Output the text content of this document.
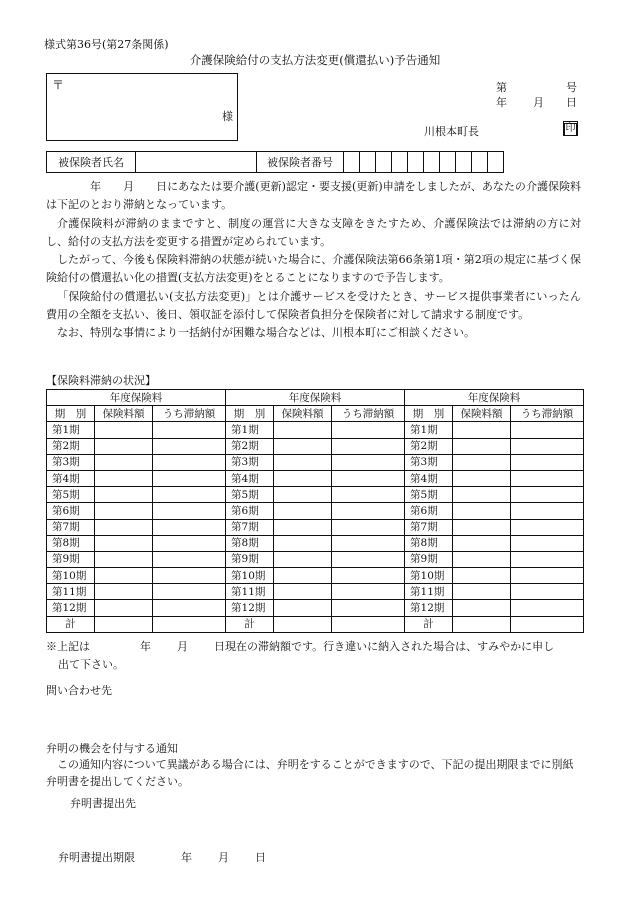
様式第36号(第27条関係)
介護保険給付の支払方法変更(償還払い)予告通知
〒
様
第	号
年 月 日
川根本町長	印
被保険者氏名		被保険者番号										

年 月 日にあなたは要介護(更新)認定・要支援(更新)申請をしましたが、あなたの介護保険料は下記のとおり滞納となっています。

介護保険料が滞納のままですと、制度の運営に大きな支障をきたすため、介護保険法では滞納の方に対し、給付の支払方法を変更する措置が定められています。

したがって、今後も保険料滞納の状態が続いた場合に、介護保険法第66条第1項・第2項の規定に基づく保険給付の償還払い化の措置(支払方法変更)をとることになりますので予告します。

「保険給付の償還払い(支払方法変更)」とは介護サービスを受けたとき、サービス提供事業者にいったん費用の全額を支払い、後日、領収証を添付して保険者負担分を保険者に対して請求する制度です。

なお、特別な事情により一括納付が困難な場合などは、川根本町にご相談ください。

【保険料滞納の状況】
年度保険料			年度保険料			年度保険料		
期　別	保険料額	うち滞納額	期　別	保険料額	うち滞納額	期　別	保険料額	うち滞納額
第1期			第1期			第1期		
第2期			第2期			第2期		
第3期			第3期			第3期		
第4期			第4期			第4期		
第5期			第5期			第5期		
第6期			第6期			第6期		
第7期			第7期			第7期		
第8期			第8期			第8期		
第9期			第9期			第9期		
第10期			第10期			第10期		
第11期			第11期			第11期		
第12期			第12期			第12期		
計			計			計		
※上記は	年 月 日現在の滞納額です。行き違いに納入された場合は、すみやかに申し
出て下さい。
問い合わせ先
弁明の機会を付与する通知

この通知内容について異議がある場合には、弁明をすることができますので、下記の提出期限までに別紙弁明書を提出してください。

弁明書提出先
弁明書提出期限	年 月 日
